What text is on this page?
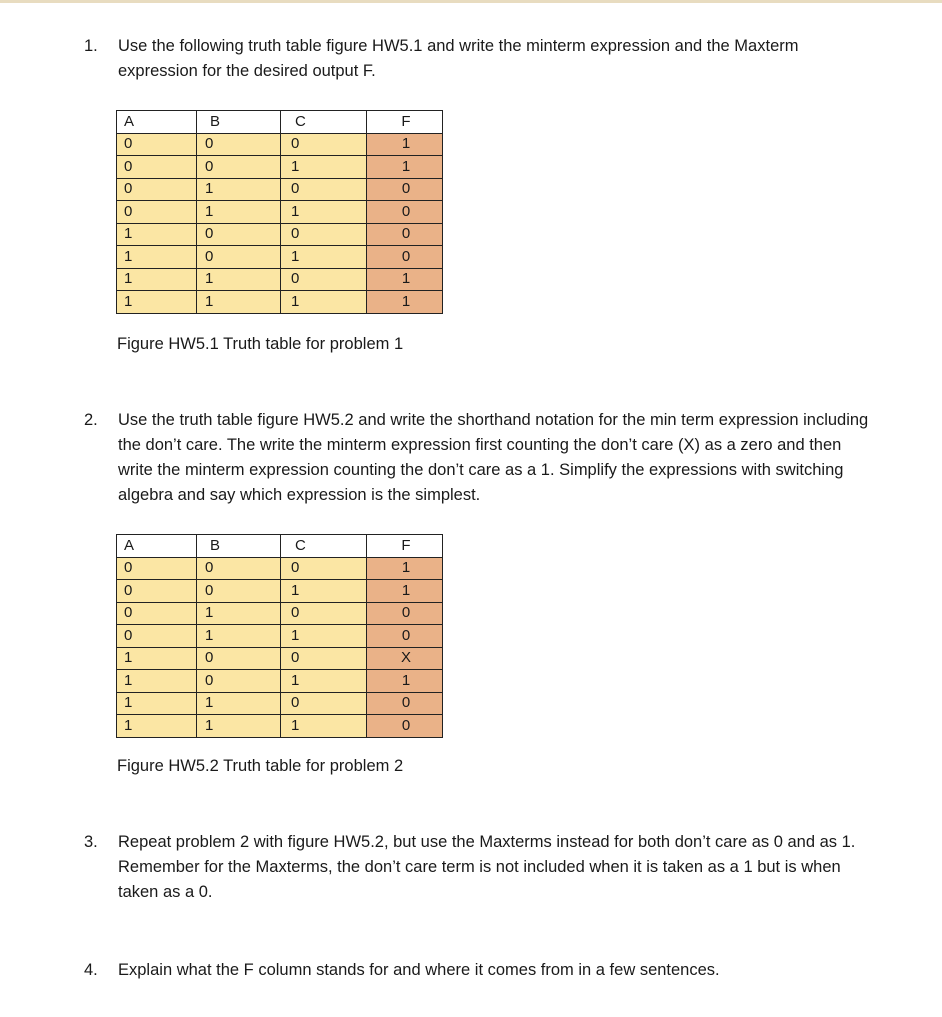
1. Use the following truth table figure HW5.1 and write the minterm expression and the Maxterm expression for the desired output F.
A	B	C	F
0	0	0	1
0	0	1	1
0	1	0	0
0	1	1	0
1	0	0	0
1	0	1	0
1	1	0	1
1	1	1	1
Figure HW5.1 Truth table for problem 1
2. Use the truth table figure HW5.2 and write the shorthand notation for the min term expression including the don’t care. The write the minterm expression first counting the don’t care (X) as a zero and then write the minterm expression counting the don’t care as a 1. Simplify the expressions with switching algebra and say which expression is the simplest.
A	B	C	F
0	0	0	1
0	0	1	1
0	1	0	0
0	1	1	0
1	0	0	X
1	0	1	1
1	1	0	0
1	1	1	0
Figure HW5.2 Truth table for problem 2
3. Repeat problem 2 with figure HW5.2, but use the Maxterms instead for both don’t care as 0 and as 1. Remember for the Maxterms, the don’t care term is not included when it is taken as a 1 but is when taken as a 0.
4. Explain what the F column stands for and where it comes from in a few sentences.
